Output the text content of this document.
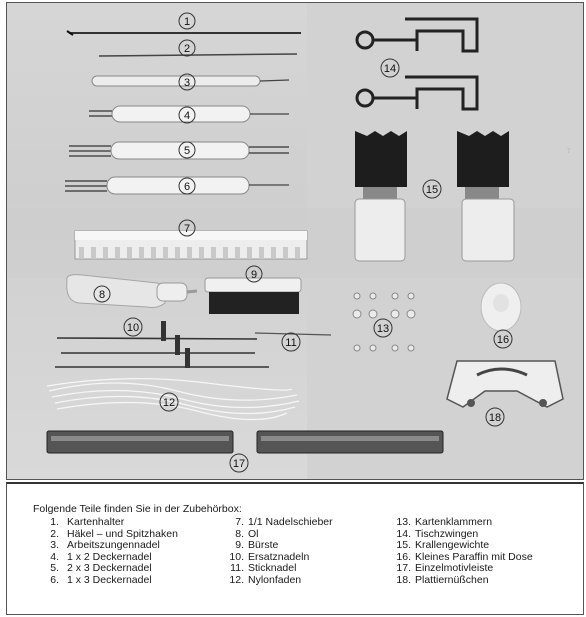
7
1
2
3
4
5
6
7
8
9
10
11
12
13
14
15
16
17
18
Folgende Teile finden Sie in der Zubehörbox:
1. Kartenhalter
2. Häkel – und Spitzhaken
3. Arbeitszungennadel
4. 1 x 2 Deckernadel
5. 2 x 3 Deckernadel
6. 1 x 3 Deckernadel
7. 1/1 Nadelschieber
8. Ol
9. Bürste
10. Ersatznadeln
11. Sticknadel
12. Nylonfaden
13. Kartenklammern
14. Tischzwingen
15. Krallengewichte
16. Kleines Paraffin mit Dose
17. Einzelmotivleiste
18. Plattiernüßchen
